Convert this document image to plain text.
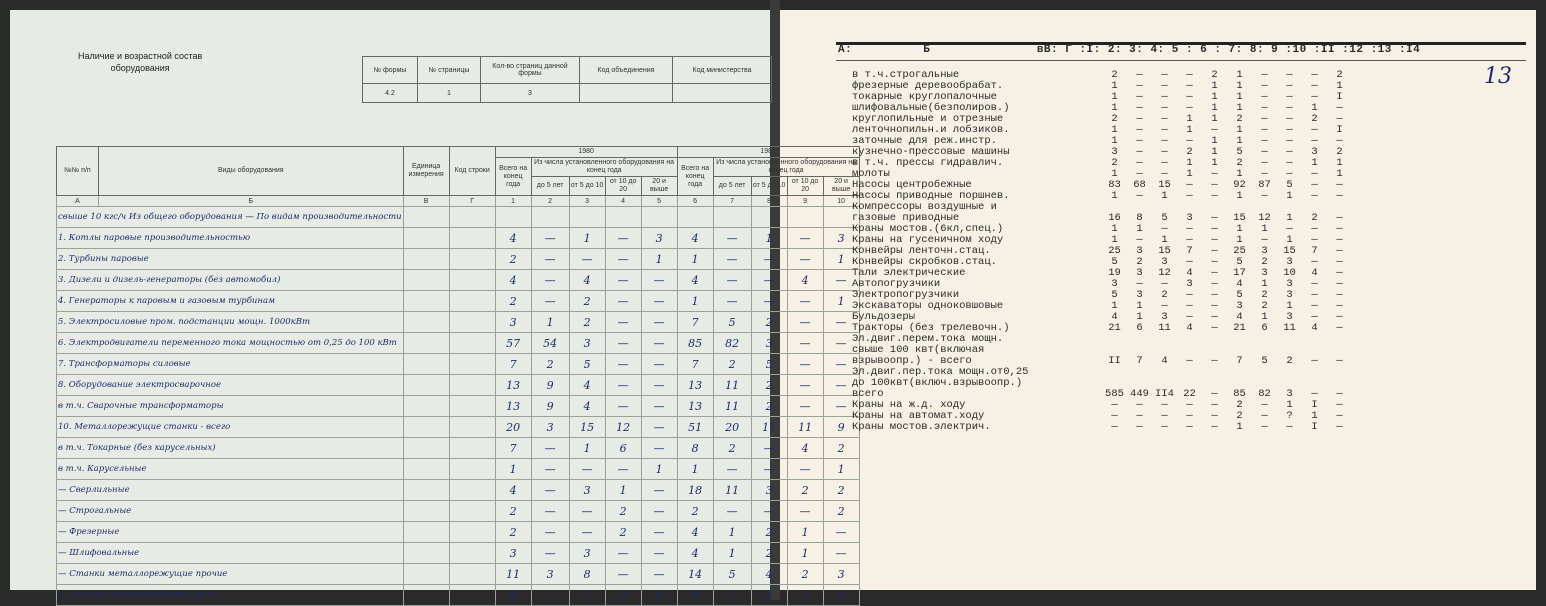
Наличие и возрастной состав
оборудования	№ формы	№ страницы	Кол-во страниц данной формы	Код объединения	Код министерства
4.2	1	3		
№№ п/п	Виды оборудования	Единица измерения	Код строки	1980					1981				
				Всего на конец года	Из числа установленного оборудования на конец года				Всего на конец года	Из числа установленного оборудования на конец года			
					до 5 лет	от 5 до 10	от 10 до 20	20 и выше		до 5 лет	от 5 до 10	от 10 до 20	20 и выше
А	Б	В	Г	1	2	3	4	5	6	7	8	9	10
свыше 10 кгс/ч Из общего оборудования — По видам производительности													
1. Котлы паровые производительностью				4	—	1	—	3	4	—	1	—	3
2. Турбины паровые				2	—	—	—	1	1	—	—	—	1
3. Дизели и дизель-генераторы (без автомобил)				4	—	4	—	—	4	—	—	4	—
4. Генераторы к паровым и газовым турбинам				2	—	2	—	—	1	—	—	—	1
5. Электросиловые пром. подстанции мощн. 1000кВт				3	1	2	—	—	7	5	2	—	—
6. Электродвигатели переменного тока мощностью от 0,25 до 100 кВт				57	54	3	—	—	85	82	3	—	—
7. Трансформаторы силовые				7	2	5	—	—	7	2	5	—	—
8. Оборудование электросварочное				13	9	4	—	—	13	11	2	—	—
в т.ч. Сварочные трансформаторы				13	9	4	—	—	13	11	2	—	—
10. Металлорежущие станки - всего				20	3	15	12	—	51	20	11	11	9
в т.ч. Токарные (без карусельных)				7	—	1	6	—	8	2	—	4	2
в т.ч. Карусельные				1	—	—	—	1	1	—	—	—	1
— Сверлильные				4	—	3	1	—	18	11	3	2	2
— Строгальные				2	—	—	2	—	2	—	—	—	2
— Фрезерные				2	—	—	2	—	4	1	2	1	—
— Шлифовальные				3	—	3	—	—	4	1	2	1	—
— Станки металлорежущие прочие				11	3	8	—	—	14	5	4	2	3
— Станки деревообрабатыв. всего				9	—	—	3	6	9	—	2	3	4
A:          Б               вВ: Г :I: 2: 3: 4: 5 : 6 : 7: 8: 9 :10 :II :12 :13 :I4
13
в т.ч.строгальные	2	—	—	—	2	1	—	—	—	2
фрезерные деревообрабат.	1	—	—	—	1	1	—	—	—	1

токарные круглопалочные	1	—	—	—	1	1	—	—	—	I
шлифовальные(безполиров.)	1	—	—	—	1	1	—	—	1	—
круглопильные и отрезные	2	—	—	1	1	2	—	—	2	—
ленточнопильн.и лобзиков.	1	—	—	1	—	1	—	—	—	I
заточные для реж.инстр.	1	—	—	—	1	1	—	—	—	—
кузнечно-прессовые машины	3	—	—	2	1	5	—	—	3	2
в т.ч. прессы гидравлич.	2	—	—	1	1	2	—	—	1	1
молоты	1	—	—	1	—	1	—	—	—	1
Насосы центробежные	83	68	15	—	—	92	87	5	—	—
Насосы приводные поршнев.	1	—	1	—	—	1	—	1	—	—
Компрессоры воздушные и										
газовые приводные	16	8	5	3	—	15	12	1	2	—
Краны мостов.(6кл,спец.)	1	1	—	—	—	1	1	—	—	—
Краны на гусеничном ходу	1	—	1	—	—	1	—	1	—	—
Конвейры ленточн.стац.	25	3	15	7	—	25	3	15	7	—
Конвейры скробков.стац.	5	2	3	—	—	5	2	3	—	—
Тали электрические	19	3	12	4	—	17	3	10	4	—
Автопогрузчики	3	—	—	3	—	4	1	3	—	—
Электропогрузчики	5	3	2	—	—	5	2	3	—	—
Экскаваторы одноковшовые	1	1	—	—	—	3	2	1	—	—
Бульдозеры	4	1	3	—	—	4	1	3	—	—
Тракторы (без трелевочн.)	21	6	11	4	—	21	6	11	4	—
Эл.двиг.перем.тока мощн.										
свыше 100 квт(включая										
взрывоопр.) - всего	II	7	4	—	—	7	5	2	—	—
Эл.двиг.пер.тока мощн.от0,25										
до 100квт(включ.взрывоопр.)										
всего	585	449	II4	22	—	85	82	3	—	—
Краны на ж.д. ходу	—	—	—	—	—	2	—	1	I	—
Краны на автомат.ходу	—	—	—	—	—	2	—	?	1	—
Краны мостов.электрич.	—	—	—	—	—	1	—	—	I	—
